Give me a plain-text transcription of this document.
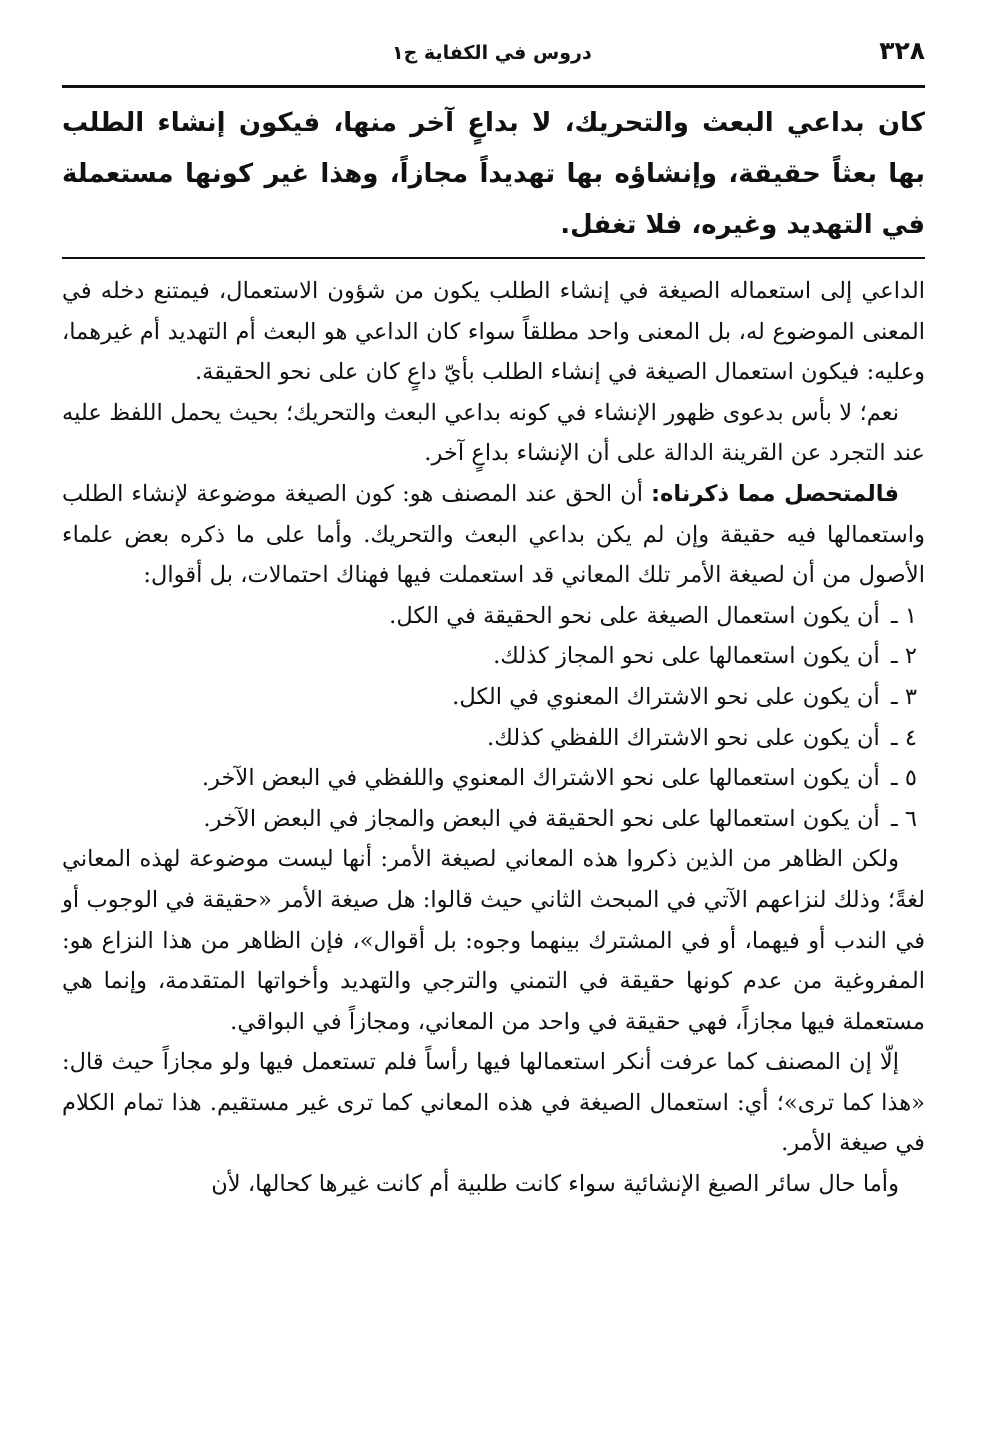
٣٢٨
دروس في الكفاية ج١
كان بداعي البعث والتحريك، لا بداعٍ آخر منها، فيكون إنشاء الطلب بها بعثاً حقيقة، وإنشاؤه بها تهديداً مجازاً، وهذا غير كونها مستعملة في التهديد وغيره، فلا تغفل.

الداعي إلى استعماله الصيغة في إنشاء الطلب يكون من شؤون الاستعمال، فيمتنع دخله في المعنى الموضوع له، بل المعنى واحد مطلقاً سواء كان الداعي هو البعث أم التهديد أم غيرهما، وعليه: فيكون استعمال الصيغة في إنشاء الطلب بأيّ داعٍ كان على نحو الحقيقة.

نعم؛ لا بأس بدعوى ظهور الإنشاء في كونه بداعي البعث والتحريك؛ بحيث يحمل اللفظ عليه عند التجرد عن القرينة الدالة على أن الإنشاء بداعٍ آخر.

فالمتحصل مما ذكرناه: أن الحق عند المصنف هو: كون الصيغة موضوعة لإنشاء الطلب واستعمالها فيه حقيقة وإن لم يكن بداعي البعث والتحريك. وأما على ما ذكره بعض علماء الأصول من أن لصيغة الأمر تلك المعاني قد استعملت فيها فهناك احتمالات، بل أقوال:

١ ـ أن يكون استعمال الصيغة على نحو الحقيقة في الكل.
٢ ـ أن يكون استعمالها على نحو المجاز كذلك.
٣ ـ أن يكون على نحو الاشتراك المعنوي في الكل.
٤ ـ أن يكون على نحو الاشتراك اللفظي كذلك.
٥ ـ أن يكون استعمالها على نحو الاشتراك المعنوي واللفظي في البعض الآخر.
٦ ـ أن يكون استعمالها على نحو الحقيقة في البعض والمجاز في البعض الآخر.

ولكن الظاهر من الذين ذكروا هذه المعاني لصيغة الأمر: أنها ليست موضوعة لهذه المعاني لغةً؛ وذلك لنزاعهم الآتي في المبحث الثاني حيث قالوا: هل صيغة الأمر «حقيقة في الوجوب أو في الندب أو فيهما، أو في المشترك بينهما وجوه: بل أقوال»، فإن الظاهر من هذا النزاع هو: المفروغية من عدم كونها حقيقة في التمني والترجي والتهديد وأخواتها المتقدمة، وإنما هي مستعملة فيها مجازاً، فهي حقيقة في واحد من المعاني، ومجازاً في البواقي.

إلّا إن المصنف كما عرفت أنكر استعمالها فيها رأساً فلم تستعمل فيها ولو مجازاً حيث قال: «هذا كما ترى»؛ أي: استعمال الصيغة في هذه المعاني كما ترى غير مستقيم. هذا تمام الكلام في صيغة الأمر.

وأما حال سائر الصيغ الإنشائية سواء كانت طلبية أم كانت غيرها كحالها، لأن
